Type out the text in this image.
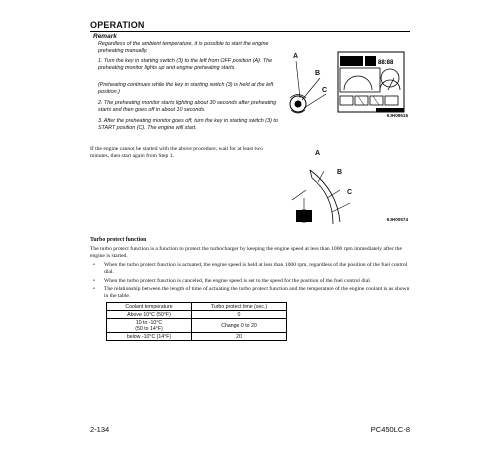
OPERATION
Remark
Regardless of the ambient temperature, it is possible to start the engine preheating manually.
1. Turn the key in starting switch (3) to the left from OFF position (A). The preheating monitor lights up and engine preheating starts.
(Preheating continues while the key in starting switch (3) is held at the left position.)
2. The preheating monitor starts lighting about 30 seconds after preheating starts and then goes off in about 10 seconds.
3. After the preheating monitor goes off, turn the key in starting switch (3) to START position (C). The engine will start.
88:88
A
B
C
9JH09615
A
B
C
9JH00574
If the engine cannot be started with the above procedure, wait for at least two minutes, then start again from Step 1.
Turbo protect function
The turbo protect function is a function to protect the turbocharger by keeping the engine speed at less than 1000 rpm immediately after the engine is started.
• When the turbo protect function is actuated, the engine speed is held at less than 1000 rpm, regardless of the position of the fuel control dial.
• When the turbo protect function is canceled, the engine speed is set to the speed for the position of the fuel control dial.
• The relationship between the length of time of actuating the turbo protect function and the temperature of the engine coolant is as shown in the table.
Coolant temperature	Turbo protect time (sec.)
Above 10°C (50°F)	0

10 to -10°C
(50 to 14°F)	Change 0 to 20
below -10°C (14°F)	20
2-134	PC450LC-8
